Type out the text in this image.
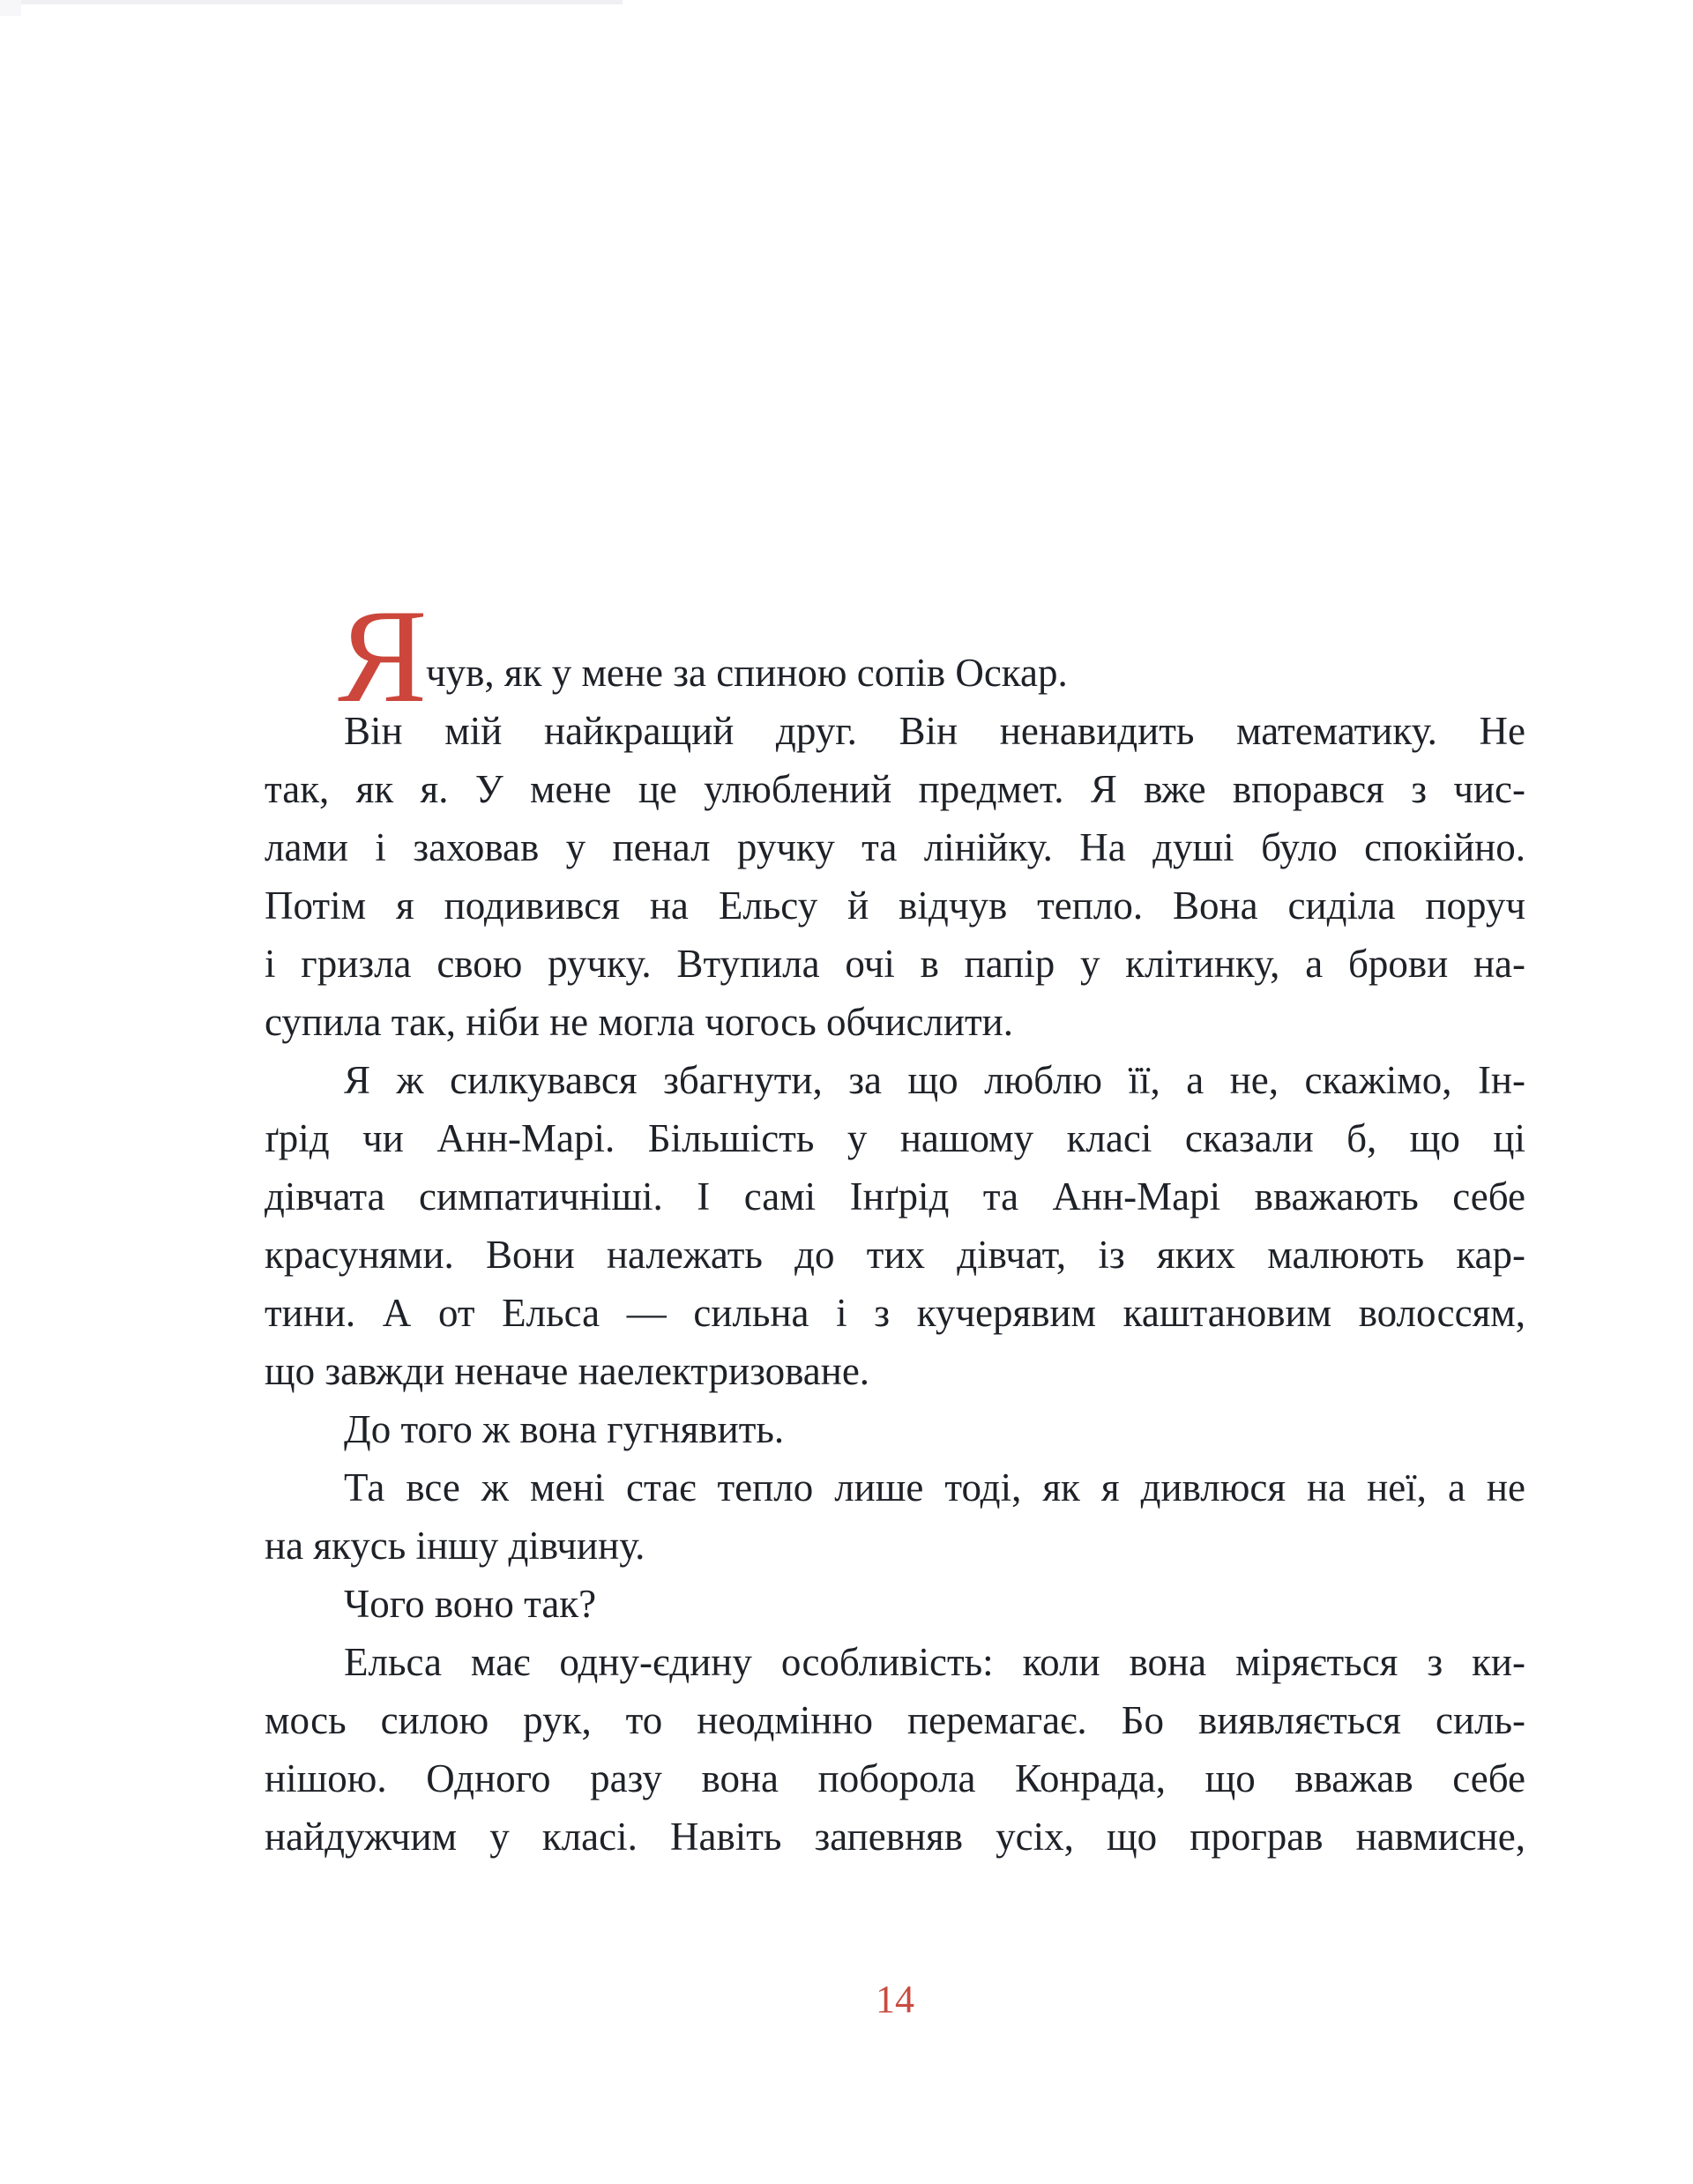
чув, як у мене за спиною сопів Оскар.
Я
Він мій найкращий друг. Він ненавидить математику. Не
так, як я. У мене це улюблений предмет. Я вже впорався з чис-
лами і заховав у пенал ручку та лінійку. На душі було спокійно.
Потім я подивився на Ельсу й відчув тепло. Вона сиділа поруч
і гризла свою ручку. Втупила очі в папір у клітинку, а брови на-
супила так, ніби не могла чогось обчислити.
Я ж силкувався збагнути, за що люблю її, а не, скажімо, Ін-
ґрід чи Анн-Марі. Більшість у нашому класі сказали б, що ці
дівчата симпатичніші. І самі Інґрід та Анн-Марі вважають себе
красунями. Вони належать до тих дівчат, із яких малюють кар-
тини. А от Ельса — сильна і з кучерявим каштановим волоссям,
що завжди неначе наелектризоване.
До того ж вона гугнявить.
Та все ж мені стає тепло лише тоді, як я дивлюся на неї, а не
на якусь іншу дівчину.
Чого воно так?
Ельса має одну-єдину особливість: коли вона міряється з ки-
мось силою рук, то неодмінно перемагає. Бо виявляється силь-
нішою. Одного разу вона поборола Конрада, що вважав себе
найдужчим у класі. Навіть запевняв усіх, що програв навмисне,
14
